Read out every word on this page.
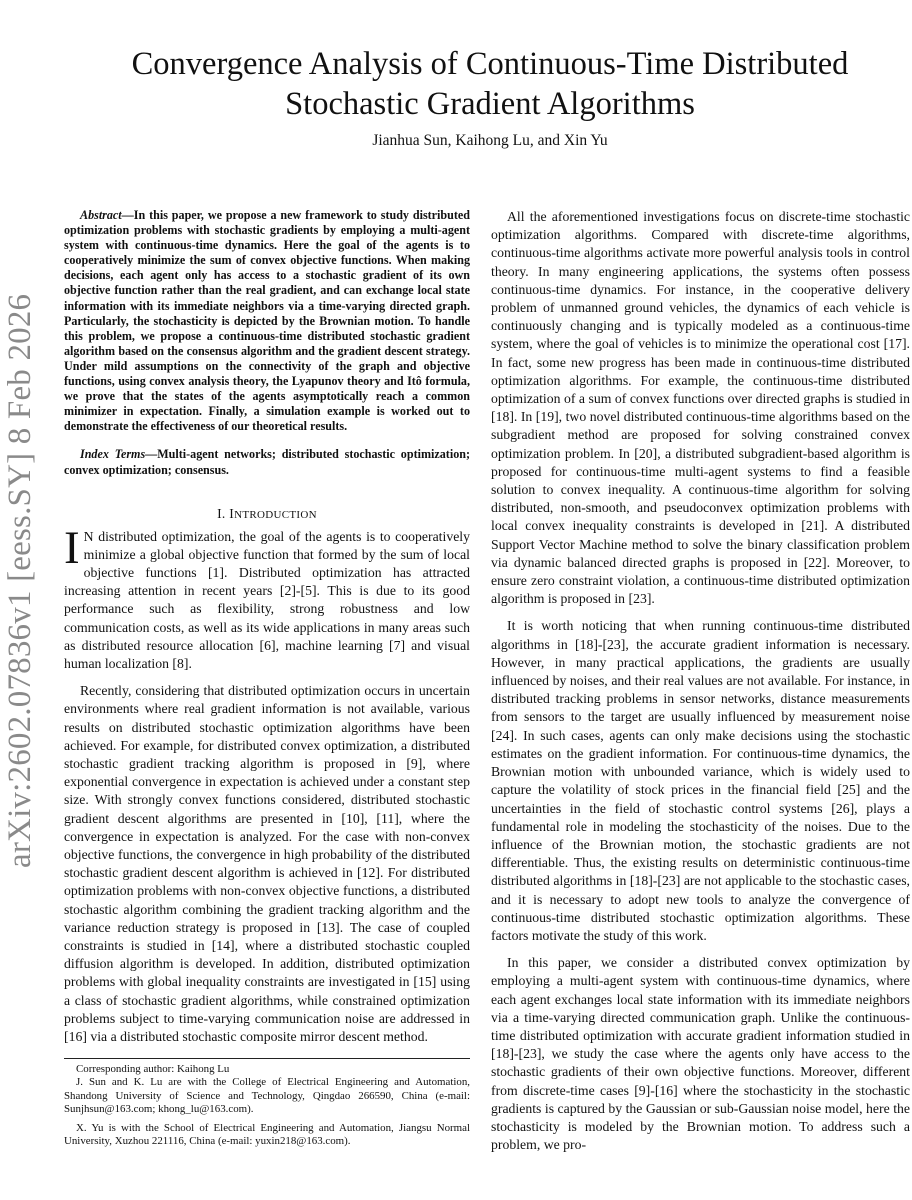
arXiv:2602.07836v1 [eess.SY] 8 Feb 2026
Convergence Analysis of Continuous-Time Distributed
Stochastic Gradient Algorithms
Jianhua Sun, Kaihong Lu, and Xin Yu

Abstract—In this paper, we propose a new framework to study distributed optimization problems with stochastic gradients by employing a multi-agent system with continuous-time dynamics. Here the goal of the agents is to cooperatively minimize the sum of convex objective functions. When making decisions, each agent only has access to a stochastic gradient of its own objective function rather than the real gradient, and can exchange local state information with its immediate neighbors via a time-varying directed graph. Particularly, the stochasticity is depicted by the Brownian motion. To handle this problem, we propose a continuous-time distributed stochastic gradient algorithm based on the consensus algorithm and the gradient descent strategy. Under mild assumptions on the connectivity of the graph and objective functions, using convex analysis theory, the Lyapunov theory and Itô formula, we prove that the states of the agents asymptotically reach a common minimizer in expectation. Finally, a simulation example is worked out to demonstrate the effectiveness of our theoretical results.

Index Terms—Multi-agent networks; distributed stochastic optimization; convex optimization; consensus.

I. INTRODUCTION

I N distributed optimization, the goal of the agents is to cooperatively minimize a global objective function that formed by the sum of local objective functions [1]. Distributed optimization has attracted increasing attention in recent years [2]-[5]. This is due to its good performance such as flexibility, strong robustness and low communication costs, as well as its wide applications in many areas such as distributed resource allocation [6], machine learning [7] and visual human localization [8].

Recently, considering that distributed optimization occurs in uncertain environments where real gradient information is not available, various results on distributed stochastic optimization algorithms have been achieved. For example, for distributed convex optimization, a distributed stochastic gradient tracking algorithm is proposed in [9], where exponential convergence in expectation is achieved under a constant step size. With strongly convex functions considered, distributed stochastic gradient descent algorithms are presented in [10], [11], where the convergence in expectation is analyzed. For the case with non-convex objective functions, the convergence in high probability of the distributed stochastic gradient descent algorithm is achieved in [12]. For distributed optimization problems with non-convex objective functions, a distributed stochastic algorithm combining the gradient tracking algorithm and the variance reduction strategy is proposed in [13]. The case of coupled constraints is studied in [14], where a distributed stochastic coupled diffusion algorithm is developed. In addition, distributed optimization problems with global inequality constraints are investigated in [15] using a class of stochastic gradient algorithms, while constrained optimization problems subject to time-varying communication noise are addressed in [16] via a distributed stochastic composite mirror descent method.

All the aforementioned investigations focus on discrete-time stochastic optimization algorithms. Compared with discrete-time algorithms, continuous-time algorithms activate more powerful analysis tools in control theory. In many engineering applications, the systems often possess continuous-time dynamics. For instance, in the cooperative delivery problem of unmanned ground vehicles, the dynamics of each vehicle is continuously changing and is typically modeled as a continuous-time system, where the goal of vehicles is to minimize the operational cost [17]. In fact, some new progress has been made in continuous-time distributed optimization algorithms. For example, the continuous-time distributed optimization of a sum of convex functions over directed graphs is studied in [18]. In [19], two novel distributed continuous-time algorithms based on the subgradient method are proposed for solving constrained convex optimization problem. In [20], a distributed subgradient-based algorithm is proposed for continuous-time multi-agent systems to find a feasible solution to convex inequality. A continuous-time algorithm for solving distributed, non-smooth, and pseudoconvex optimization problems with local convex inequality constraints is developed in [21]. A distributed Support Vector Machine method to solve the binary classification problem via dynamic balanced directed graphs is proposed in [22]. Moreover, to ensure zero constraint violation, a continuous-time distributed optimization algorithm is proposed in [23].

It is worth noticing that when running continuous-time distributed algorithms in [18]-[23], the accurate gradient information is necessary. However, in many practical applications, the gradients are usually influenced by noises, and their real values are not available. For instance, in distributed tracking problems in sensor networks, distance measurements from sensors to the target are usually influenced by measurement noise [24]. In such cases, agents can only make decisions using the stochastic estimates on the gradient information. For continuous-time dynamics, the Brownian motion with unbounded variance, which is widely used to capture the volatility of stock prices in the financial field [25] and the uncertainties in the field of stochastic control systems [26], plays a fundamental role in modeling the stochasticity of the noises. Due to the influence of the Brownian motion, the stochastic gradients are not differentiable. Thus, the existing results on deterministic continuous-time distributed algorithms in [18]-[23] are not applicable to the stochastic cases, and it is necessary to adopt new tools to analyze the convergence of continuous-time distributed stochastic optimization algorithms. These factors motivate the study of this work.

In this paper, we consider a distributed convex optimization by employing a multi-agent system with continuous-time dynamics, where each agent exchanges local state information with its immediate neighbors via a time-varying directed communication graph. Unlike the continuous-time distributed optimization with accurate gradient information studied in [18]-[23], we study the case where the agents only have access to the stochastic gradients of their own objective functions. Moreover, different from discrete-time cases [9]-[16] where the stochasticity in the stochastic gradients is captured by the Gaussian or sub-Gaussian noise model, here the stochasticity is modeled by the Brownian motion. To address such a problem, we pro-

Corresponding author: Kaihong Lu

J. Sun and K. Lu are with the College of Electrical Engineering and Automation, Shandong University of Science and Technology, Qingdao 266590, China (e-mail: Sunjhsun@163.com; khong_lu@163.com).

X. Yu is with the School of Electrical Engineering and Automation, Jiangsu Normal University, Xuzhou 221116, China (e-mail: yuxin218@163.com).
